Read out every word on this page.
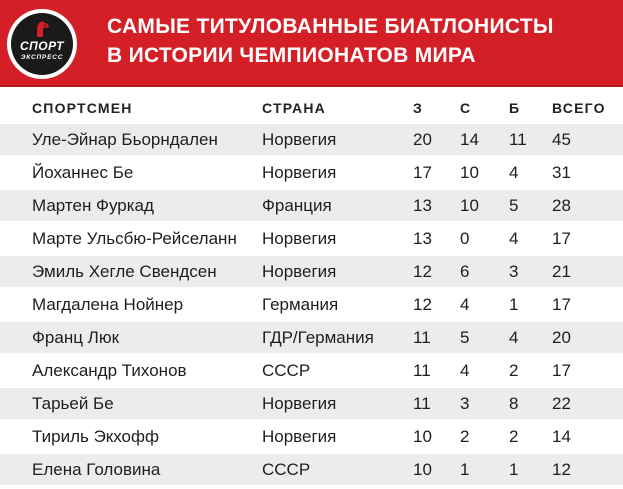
СПОРТ
ЭКСПРЕСС
САМЫЕ ТИТУЛОВАННЫЕ БИАТЛОНИСТЫ
В ИСТОРИИ ЧЕМПИОНАТОВ МИРА
СПОРТСМЕН	СТРАНА	З	С	Б	ВСЕГО
Уле-Эйнар Бьорндален	Норвегия	20	14	11	45
Йоханнес Бе	Норвегия	17	10	4	31
Мартен Фуркад	Франция	13	10	5	28
Марте Ульсбю-Рейселанн	Норвегия	13	0	4	17
Эмиль Хегле Свендсен	Норвегия	12	6	3	21
Магдалена Нойнер	Германия	12	4	1	17
Франц Люк	ГДР/Германия	11	5	4	20
Александр Тихонов	СССР	11	4	2	17
Тарьей Бе	Норвегия	11	3	8	22
Тириль Экхофф	Норвегия	10	2	2	14
Елена Головина	СССР	10	1	1	12
